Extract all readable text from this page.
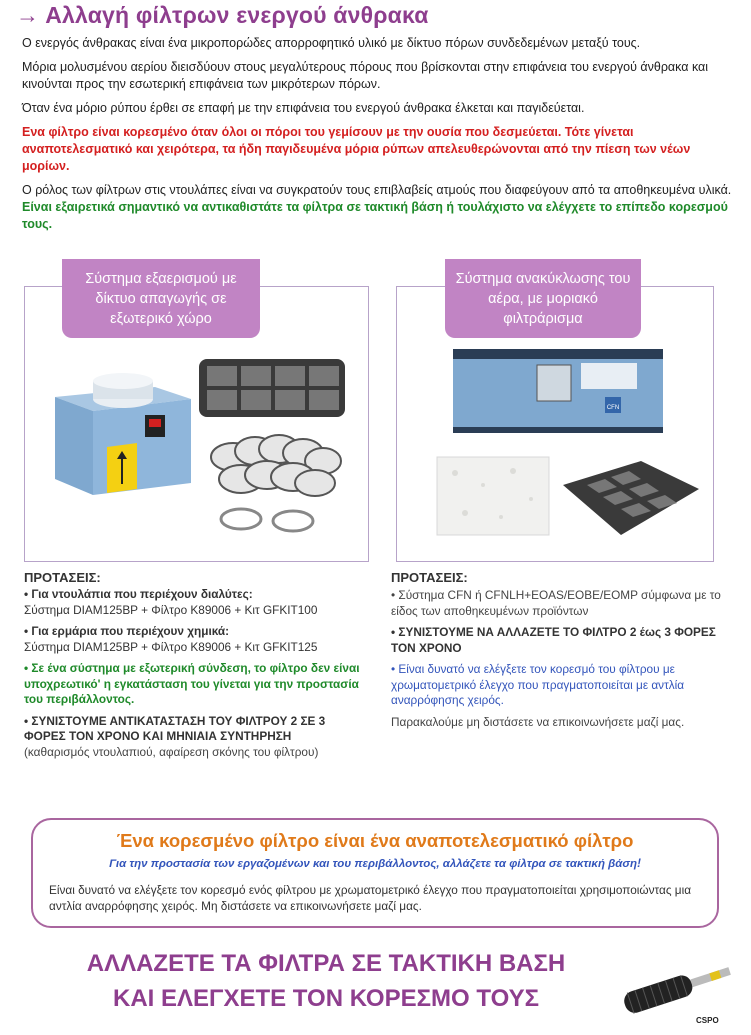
→ Αλλαγή φίλτρων ενεργού άνθρακα

Ο ενεργός άνθρακας είναι ένα μικροπορώδες απορροφητικό υλικό με δίκτυο πόρων συνδεδεμένων μεταξύ τους.

Μόρια μολυσμένου αερίου διεισδύουν στους μεγαλύτερους πόρους που βρίσκονται στην επιφάνεια του ενεργού άνθρακα και κινούνται προς την εσωτερική επιφάνεια των μικρότερων πόρων.

Όταν ένα μόριο ρύπου έρθει σε επαφή με την επιφάνεια του ενεργού άνθρακα έλκεται και παγιδεύεται.

Ενα φίλτρο είναι κορεσμένο όταν όλοι οι πόροι του γεμίσουν με την ουσία που δεσμεύεται. Τότε γίνεται αναποτελεσματικό και χειρότερα, τα ήδη παγιδευμένα μόρια ρύπων απελευθερώνονται από την πίεση των νέων μορίων.

Ο ρόλος των φίλτρων στις ντουλάπες είναι να συγκρατούν τους επιβλαβείς ατμούς που διαφεύγουν από τα αποθηκευμένα υλικά. Είναι εξαιρετικά σημαντικό να αντικαθιστάτε τα φίλτρα σε τακτική βάση ή τουλάχιστο να ελέγχετε το επίπεδο κορεσμού τους.

Σύστημα εξαερισμού με δίκτυο απαγωγής σε εξωτερικό χώρο
Σύστημα ανακύκλωσης του αέρα, με μοριακό φιλτράρισμα
CFN
ΠΡΟΤΑΣΕΙΣ:
• Για ντουλάπια που περιέχουν διαλύτες:
Σύστημα DIAM125BP + Φίλτρο K89006 + Κιτ GFKIT100
• Για ερμάρια που περιέχουν χημικά:
Σύστημα DIAM125BP + Φίλτρο K89006 + Κιτ GFKIT125
• Σε ένα σύστημα με εξωτερική σύνδεση, το φίλτρο δεν είναι υποχρεωτικό' η εγκατάσταση του γίνεται για την προστασία του περιβάλλοντος.
• ΣΥΝΙΣΤΟΥΜΕ ΑΝΤΙΚΑΤΑΣΤΑΣΗ ΤΟΥ ΦΙΛΤΡΟΥ 2 ΣΕ 3 ΦΟΡΕΣ ΤΟΝ ΧΡΟΝΟ ΚΑΙ ΜΗΝΙΑΙΑ ΣΥΝΤΗΡΗΣΗ
(καθαρισμός ντουλαπιού, αφαίρεση σκόνης του φίλτρου)
ΠΡΟΤΑΣΕΙΣ:
• Σύστημα CFN ή CFNLH+EOAS/EOBE/EOMP σύμφωνα με το είδος των αποθηκευμένων προϊόντων
• ΣΥΝΙΣΤΟΥΜΕ ΝΑ ΑΛΛΑΖΕΤΕ ΤΟ ΦΙΛΤΡΟ 2 έως 3 ΦΟΡΕΣ ΤΟΝ ΧΡΟΝΟ
• Είναι δυνατό να ελέγξετε τον κορεσμό του φίλτρου με χρωματομετρικό έλεγχο που πραγματοποιείται με αντλία αναρρόφησης χειρός.
Παρακαλούμε μη διστάσετε να επικοινωνήσετε μαζί μας.
Ένα κορεσμένο φίλτρο είναι ένα αναποτελεσματικό φίλτρο
Για την προστασία των εργαζομένων και του περιβάλλοντος, αλλάζετε τα φίλτρα σε τακτική βάση!
Είναι δυνατό να ελέγξετε τον κορεσμό ενός φίλτρου με χρωματομετρικό έλεγχο που πραγματοποιείται χρησιμοποιώντας μια αντλία αναρρόφησης χειρός. Μη διστάσετε να επικοινωνήσετε μαζί μας.
ΑΛΛΑΖΕΤΕ ΤΑ ΦΙΛΤΡΑ ΣΕ ΤΑΚΤΙΚΗ ΒΑΣΗ
ΚΑΙ ΕΛΕΓΧΕΤΕ ΤΟΝ ΚΟΡΕΣΜΟ ΤΟΥΣ
CSPO
